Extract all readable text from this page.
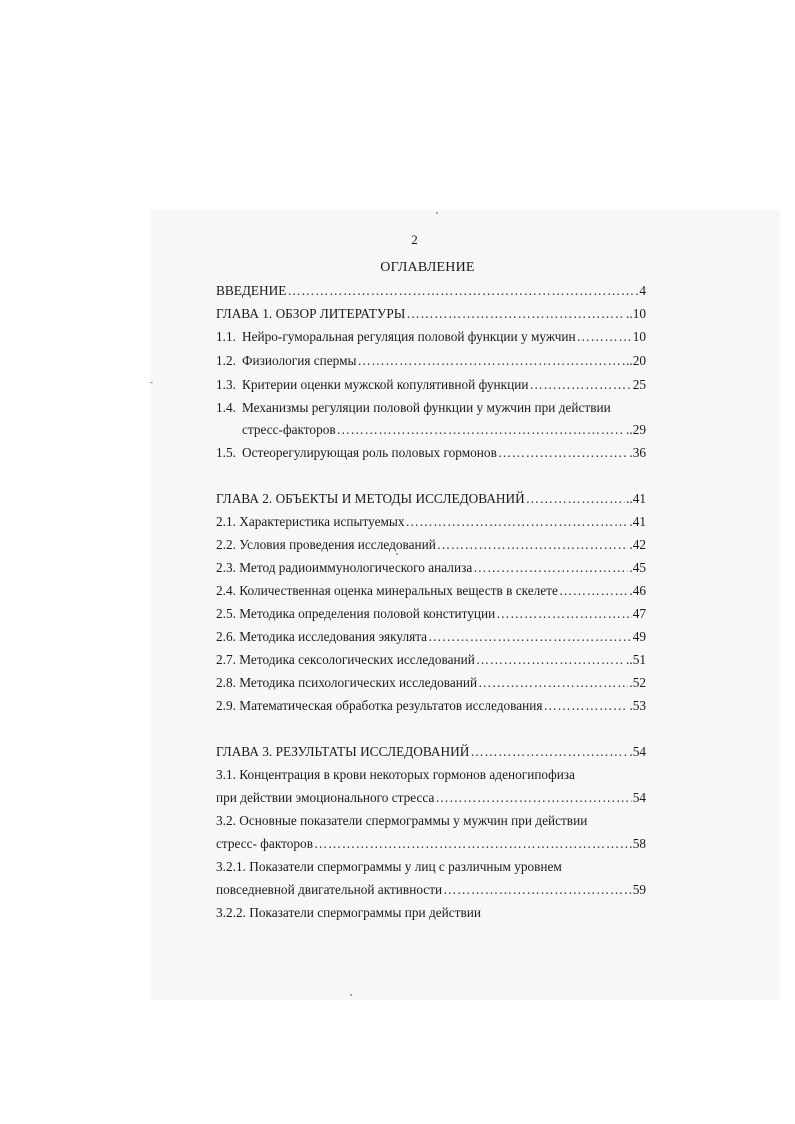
2
ОГЛАВЛЕНИЕ
ВВЕДЕНИЕ ……………………………………………………………………………………………………………………………………………………	4
ГЛАВА 1. ОБЗОР ЛИТЕРАТУРЫ ……………………………………………………………………………………………………………………………………………………	..10
1.1. Нейро-гуморальная регуляция половой функции у мужчин ……………………………………………………………………………………………………………………………………………………	10
1.2. Физиология спермы ……………………………………………………………………………………………………………………………………………………	..20
1.3. Критерии оценки мужской копулятивной функции ……………………………………………………………………………………………………………………………………………………	25
1.4. Механизмы регуляции половой функции у мужчин при действии
стресс-факторов ……………………………………………………………………………………………………………………………………………………	..29
1.5. Остеорегулирующая роль половых гормонов ……………………………………………………………………………………………………………………………………………………	.36
ГЛАВА 2. ОБЪЕКТЫ И МЕТОДЫ ИССЛЕДОВАНИЙ ……………………………………………………………………………………………………………………………………………………	..41
2.1. Характеристика испытуемых ……………………………………………………………………………………………………………………………………………………	.41
2.2. Условия проведения исследований ……………………………………………………………………………………………………………………………………………………	.42
2.3. Метод радиоиммунологического анализа ……………………………………………………………………………………………………………………………………………………	.45
2.4. Количественная оценка минеральных веществ в скелете ……………………………………………………………………………………………………………………………………………………	.46
2.5. Методика определения половой конституции ……………………………………………………………………………………………………………………………………………………	47
2.6. Методика исследования эякулята ……………………………………………………………………………………………………………………………………………………	49
2.7. Методика сексологических исследований ……………………………………………………………………………………………………………………………………………………	..51
2.8. Методика психологических исследований ……………………………………………………………………………………………………………………………………………………	.52
2.9. Математическая обработка результатов исследования ……………………………………………………………………………………………………………………………………………………	.53
ГЛАВА 3. РЕЗУЛЬТАТЫ ИССЛЕДОВАНИЙ ……………………………………………………………………………………………………………………………………………………	.54
3.1. Концентрация в крови некоторых гормонов аденогипофиза
при действии эмоционального стресса ……………………………………………………………………………………………………………………………………………………	54
3.2. Основные показатели спермограммы у мужчин при действии
стресс- факторов ……………………………………………………………………………………………………………………………………………………	58
3.2.1. Показатели спермограммы у лиц с различным уровнем
повседневной двигательной активности ……………………………………………………………………………………………………………………………………………………	59
3.2.2. Показатели спермограммы при действии
